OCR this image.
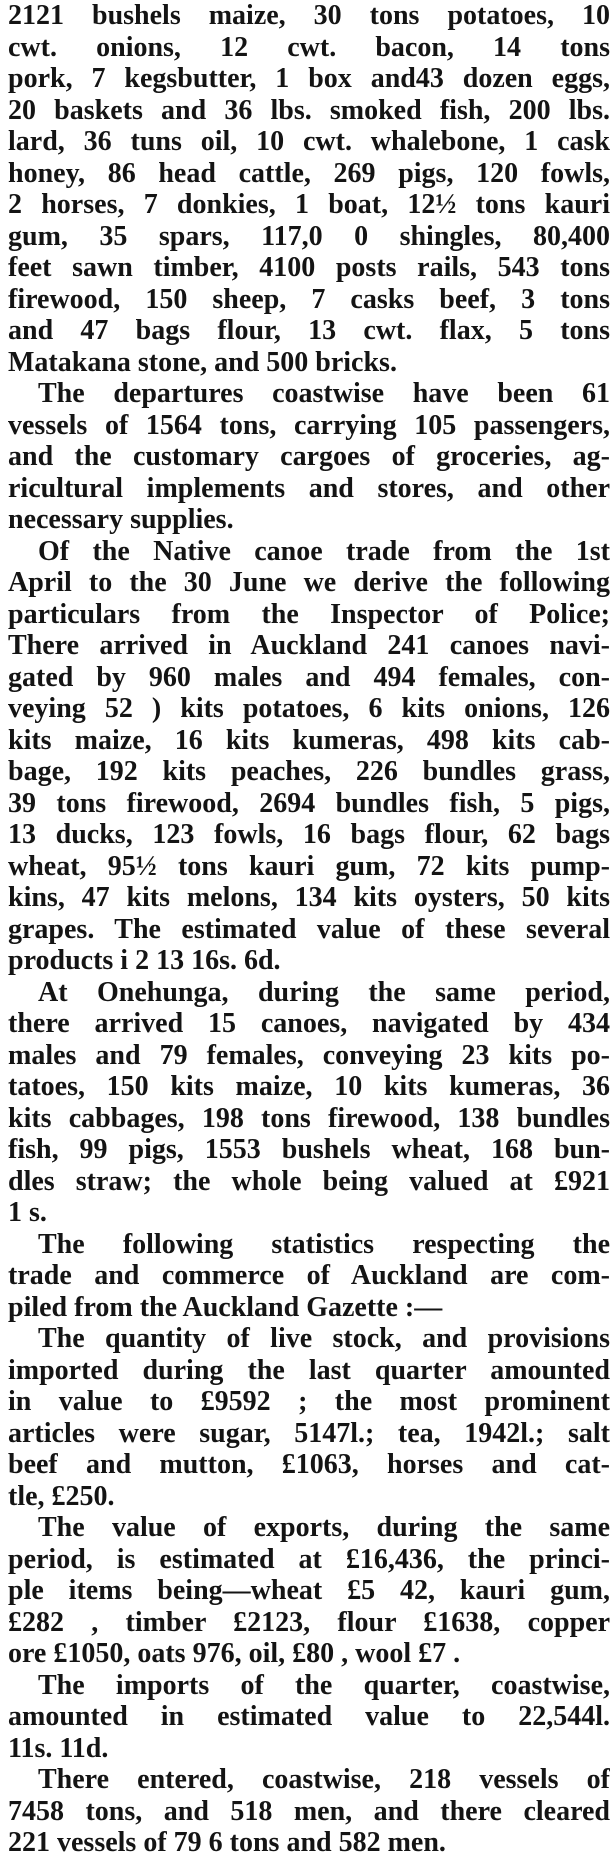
2121 bushels maize, 30 tons potatoes, 10
cwt. onions, 12 cwt. bacon, 14 tons
pork, 7 kegsbutter, 1 box and43 dozen eggs,
20 baskets and 36 lbs. smoked fish, 200 lbs.
lard, 36 tuns oil, 10 cwt. whalebone, 1 cask
honey, 86 head cattle, 269 pigs, 120 fowls,
2 horses, 7 donkies, 1 boat, 12½ tons kauri
gum, 35 spars, 117,0 0 shingles, 80,400
feet sawn timber, 4100 posts rails, 543 tons
firewood, 150 sheep, 7 casks beef, 3 tons
and 47 bags flour, 13 cwt. flax, 5 tons
Matakana stone, and 500 bricks.
The departures coastwise have been 61
vessels of 1564 tons, carrying 105 passengers,
and the customary cargoes of groceries, ag-
ricultural implements and stores, and other
necessary supplies.
Of the Native canoe trade from the 1st
April to the 30 June we derive the following
particulars from the Inspector of Police;
There arrived in Auckland 241 canoes navi-
gated by 960 males and 494 females, con-
veying 52 ) kits potatoes, 6 kits onions, 126
kits maize, 16 kits kumeras, 498 kits cab-
bage, 192 kits peaches, 226 bundles grass,
39 tons firewood, 2694 bundles fish, 5 pigs,
13 ducks, 123 fowls, 16 bags flour, 62 bags
wheat, 95½ tons kauri gum, 72 kits pump-
kins, 47 kits melons, 134 kits oysters, 50 kits
grapes. The estimated value of these several
products i 2 13 16s. 6d.
At Onehunga, during the same period,
there arrived 15 canoes, navigated by 434
males and 79 females, conveying 23 kits po-
tatoes, 150 kits maize, 10 kits kumeras, 36
kits cabbages, 198 tons firewood, 138 bundles
fish, 99 pigs, 1553 bushels wheat, 168 bun-
dles straw; the whole being valued at £921
1 s.
The following statistics respecting the
trade and commerce of Auckland are com-
piled from the Auckland Gazette :—
The quantity of live stock, and provisions
imported during the last quarter amounted
in value to £9592 ; the most prominent
articles were sugar, 5147l.; tea, 1942l.; salt
beef and mutton, £1063, horses and cat-
tle, £250.
The value of exports, during the same
period, is estimated at £16,436, the princi-
ple items being—wheat £5 42, kauri gum,
£282 , timber £2123, flour £1638, copper
ore £1050, oats 976, oil, £80 , wool £7 .
The imports of the quarter, coastwise,
amounted in estimated value to 22,544l.
11s. 11d.
There entered, coastwise, 218 vessels of
7458 tons, and 518 men, and there cleared
221 vessels of 79 6 tons and 582 men.
